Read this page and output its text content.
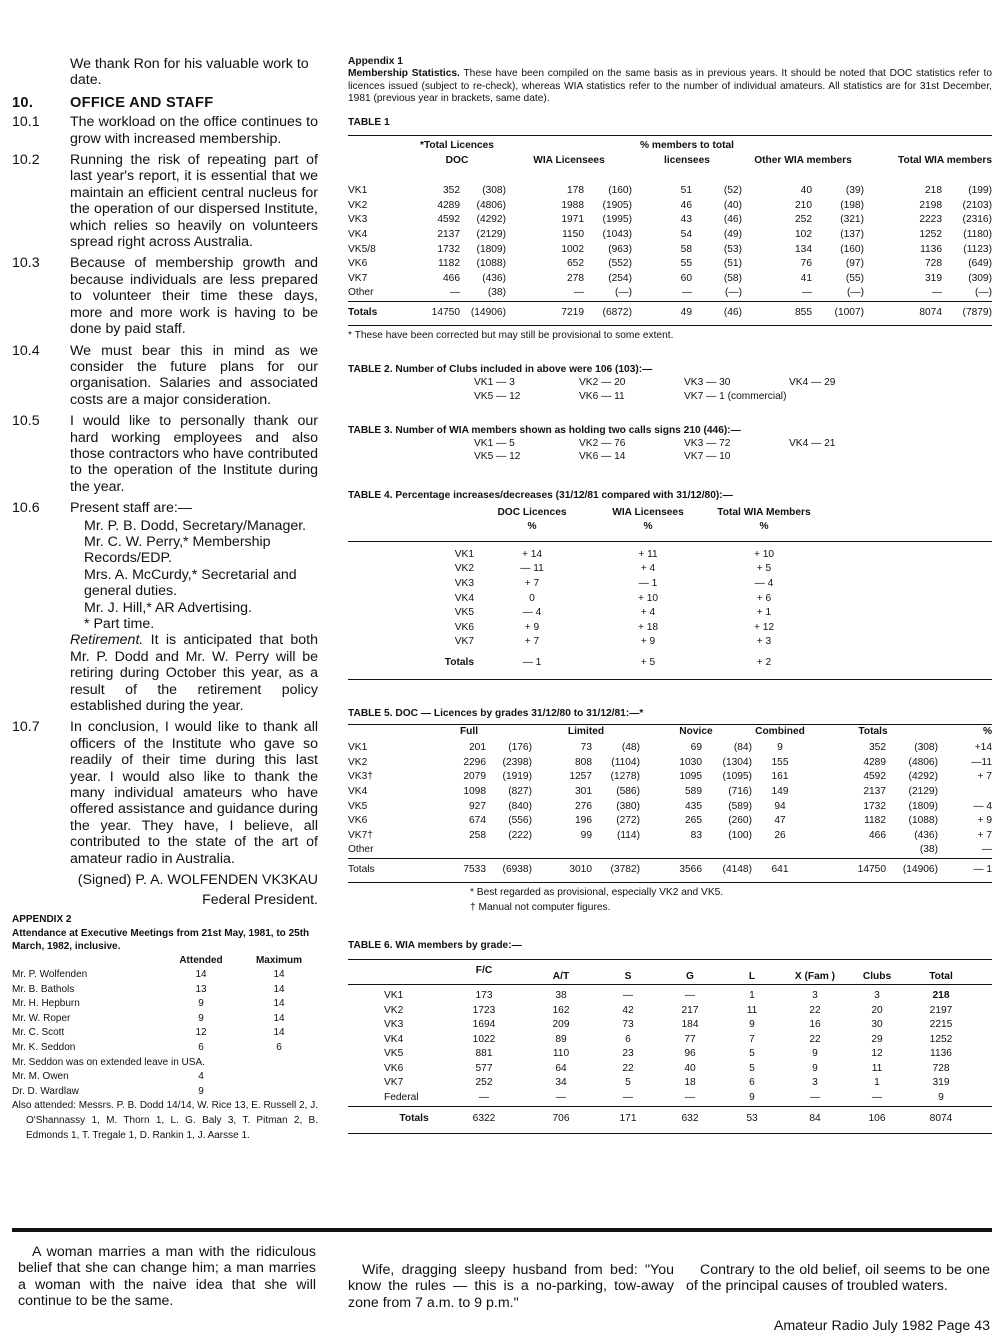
We thank Ron for his valuable work to date.
10.	OFFICE AND STAFF
10.1	The workload on the office continues to grow with increased membership.
10.2	Running the risk of repeating part of last year's report, it is essential that we maintain an efficient central nucleus for the operation of our dispersed Institute, which relies so heavily on volunteers spread right across Australia.
10.3	Because of membership growth and because individuals are less prepared to volunteer their time these days, more and more work is having to be done by paid staff.
10.4	We must bear this in mind as we consider the future plans for our organisation. Salaries and associated costs are a major consideration.
10.5	I would like to personally thank our hard working employees and also those contractors who have contributed to the operation of the Institute during the year.
10.6	Present staff are:—
Mr. P. B. Dodd, Secretary/Manager.
Mr. C. W. Perry,* Membership Records/EDP.
Mrs. A. McCurdy,* Secretarial and general duties.
Mr. J. Hill,* AR Advertising.
* Part time.
Retirement. It is anticipated that both Mr. P. Dodd and Mr. W. Perry will be retiring during October this year, as a result of the retirement policy established during the year.
10.7	In conclusion, I would like to thank all officers of the Institute who gave so readily of their time during this last year. I would also like to thank the many individual amateurs who have offered assistance and guidance during the year. They have, I believe, all contributed to the state of the art of amateur radio in Australia.
(Signed) P. A. WOLFENDEN VK3KAU
Federal President.
APPENDIX 2
Attendance at Executive Meetings from 21st May, 1981, to 25th March, 1982, inclusive.
	Attended	Maximum
Mr. P. Wolfenden	14	14
Mr. B. Bathols	13	14
Mr. H. Hepburn	9	14
Mr. W. Roper	9	14
Mr. C. Scott	12	14
Mr. K. Seddon	6	6
Mr. Seddon was on extended leave in USA.

Mr. M. Owen	4	
Dr. D. Wardlaw	9	
Also attended: Messrs. P. B. Dodd 14/14, W. Rice 13, E. Russell 2, J. O'Shannassy 1, M. Thorn 1, L. G. Baly 3, T. Pitman 2, B. Edmonds 1, T. Tregale 1, D. Rankin 1, J. Aarsse 1.
Appendix 1
Membership Statistics. These have been compiled on the same basis as in previous years. It should be noted that DOC statistics refer to licences issued (subject to re-check), whereas WIA statistics refer to the number of individual amateurs. All statistics are for 31st December, 1981 (previous year in brackets, same date).
TABLE 1
	*Total Licences DOC		WIA Licensees		% members to total licensees		Other WIA members		Total WIA members	
VK1	352	(308)	178	(160)	51	(52)	40	(39)	218	(199)
VK2	4289	(4806)	1988	(1905)	46	(40)	210	(198)	2198	(2103)
VK3	4592	(4292)	1971	(1995)	43	(46)	252	(321)	2223	(2316)
VK4	2137	(2129)	1150	(1043)	54	(49)	102	(137)	1252	(1180)
VK5/8	1732	(1809)	1002	(963)	58	(53)	134	(160)	1136	(1123)
VK6	1182	(1088)	652	(552)	55	(51)	76	(97)	728	(649)
VK7	466	(436)	278	(254)	60	(58)	41	(55)	319	(309)
Other	—	(38)	—	(—)	—	(—)	—	(—)	—	(—)
Totals	14750	(14906)	7219	(6872)	49	(46)	855	(1007)	8074	(7879)
* These have been corrected but may still be provisional to some extent.
TABLE 2. Number of Clubs included in above were 106 (103):—
VK1 — 3	VK2 — 20	VK3 — 30	VK4 — 29
VK5 — 12	VK6 — 11	VK7 — 1 (commercial)
TABLE 3. Number of WIA members shown as holding two calls signs 210 (446):—
VK1 — 5	VK2 — 76	VK3 — 72	VK4 — 21
VK5 — 12	VK6 — 14	VK7 — 10
TABLE 4. Percentage increases/decreases (31/12/81 compared with 31/12/80):—
	DOC Licences	WIA Licensees	Total WIA Members	
	%	%	%	
VK1	+ 14	+ 11	+ 10	
VK2	— 11	+ 4	+ 5	
VK3	+ 7	— 1	— 4	
VK4	0	+ 10	+ 6	
VK5	— 4	+ 4	+ 1	
VK6	+ 9	+ 18	+ 12	
VK7	+ 7	+ 9	+ 3	
Totals	— 1	+ 5	+ 2	
TABLE 5. DOC — Licences by grades 31/12/80 to 31/12/81:—*
	Full		Limited		Novice		Combined	Totals		%
VK1	201	(176)	73	(48)	69	(84)	9	352	(308)	+14
VK2	2296	(2398)	808	(1104)	1030	(1304)	155	4289	(4806)	—11
VK3†	2079	(1919)	1257	(1278)	1095	(1095)	161	4592	(4292)	+ 7
VK4	1098	(827)	301	(586)	589	(716)	149	2137	(2129)	
VK5	927	(840)	276	(380)	435	(589)	94	1732	(1809)	— 4
VK6	674	(556)	196	(272)	265	(260)	47	1182	(1088)	+ 9
VK7†	258	(222)	99	(114)	83	(100)	26	466	(436)	+ 7
Other									(38)	—
Totals	7533	(6938)	3010	(3782)	3566	(4148)	641	14750	(14906)	— 1
* Best regarded as provisional, especially VK2 and VK5.
† Manual not computer figures.
TABLE 6. WIA members by grade:—
		F/C	A/T	S	G	L	X (Fam )	Clubs	Total	
	VK1	173	38	—	—	1	3	3	218	
	VK2	1723	162	42	217	11	22	20	2197	
	VK3	1694	209	73	184	9	16	30	2215	
	VK4	1022	89	6	77	7	22	29	1252	
	VK5	881	110	23	96	5	9	12	1136	
	VK6	577	64	22	40	5	9	11	728	
	VK7	252	34	5	18	6	3	1	319	
	Federal	—	—	—	—	9	—	—	9	
	Totals	6322	706	171	632	53	84	106	8074	
A woman marries a man with the ridiculous belief that she can change him; a man marries a woman with the naive idea that she will continue to be the same.
Wife, dragging sleepy husband from bed: "You know the rules — this is a no-parking, tow-away zone from 7 a.m. to 9 p.m."
Contrary to the old belief, oil seems to be one of the principal causes of troubled waters.
Amateur Radio July 1982 Page 43
